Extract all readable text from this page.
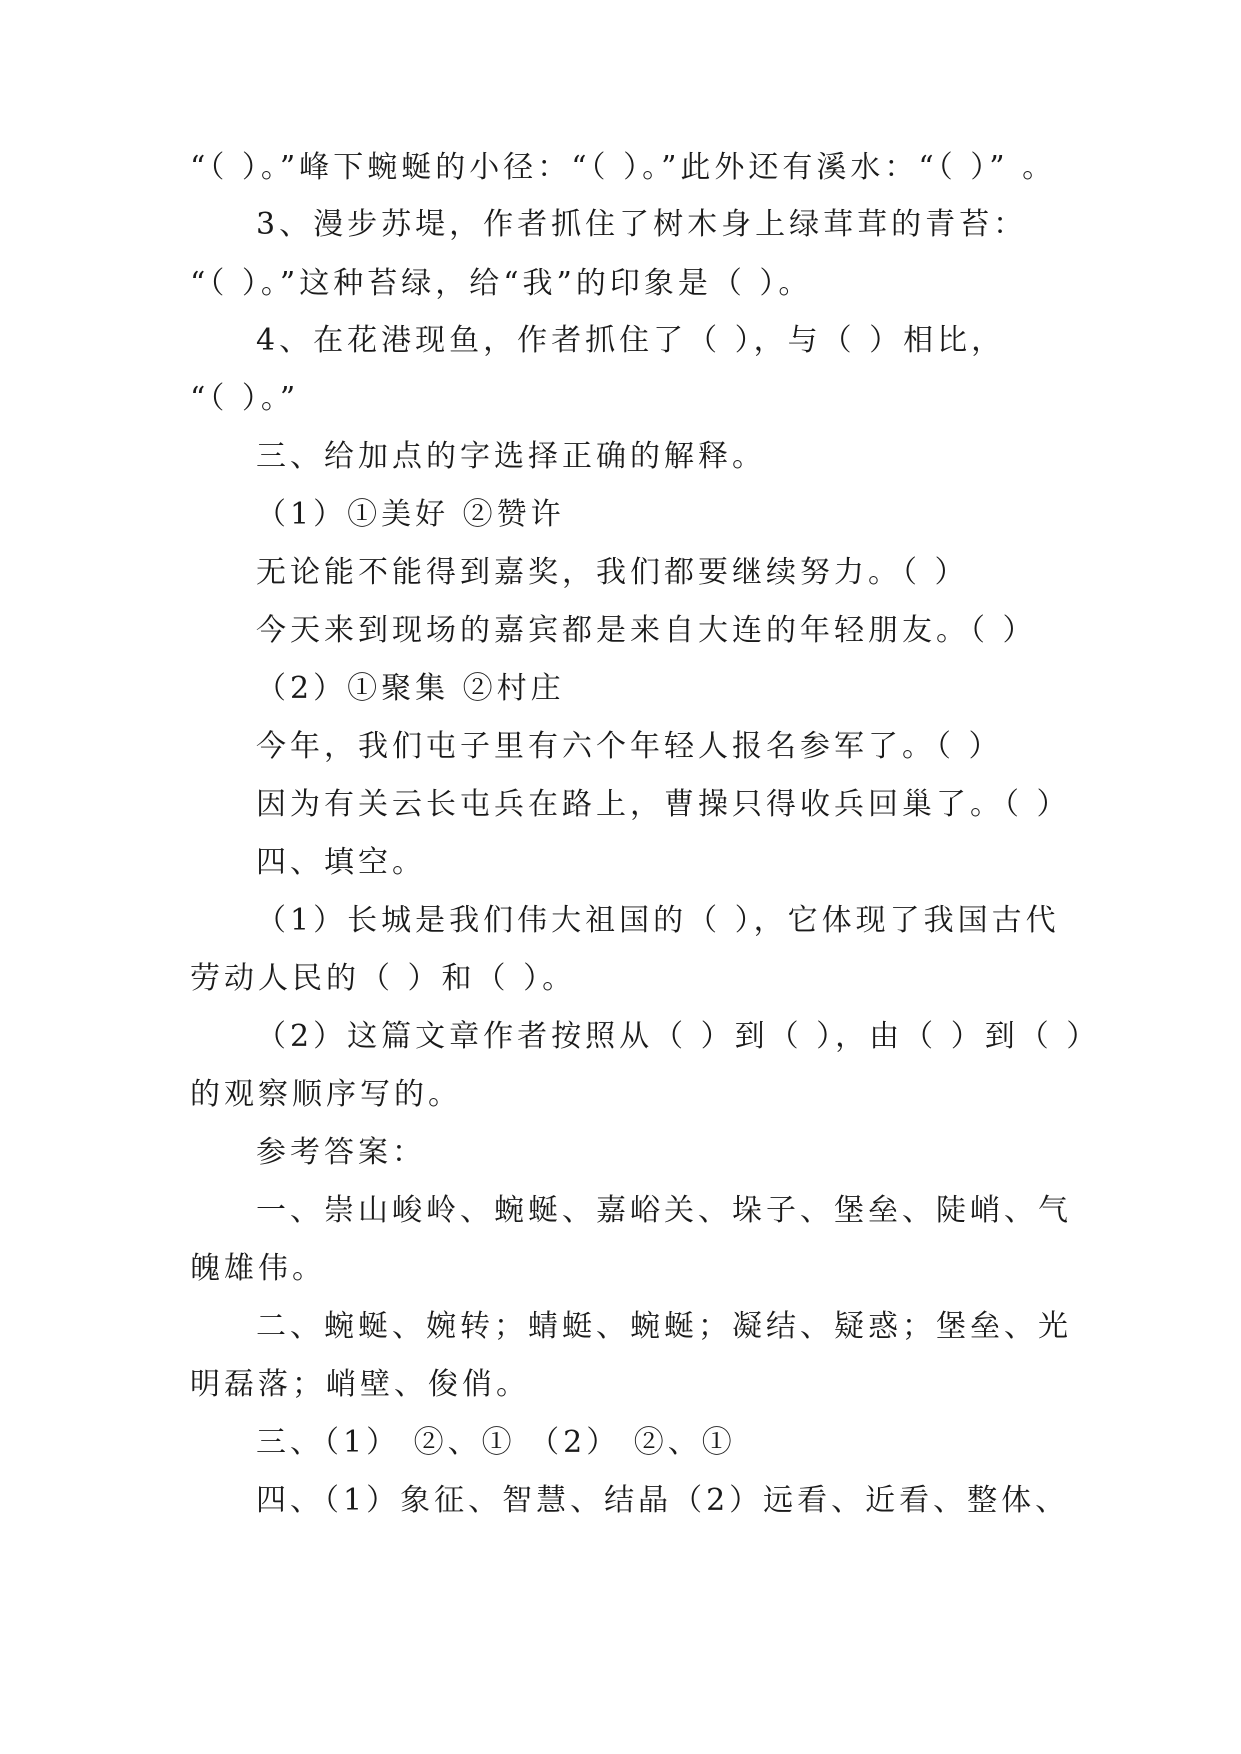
“（ ）。”峰下蜿蜒的小径：“（ ）。”此外还有溪水：“（ ）” 。
3、漫步苏堤，作者抓住了树木身上绿茸茸的青苔：
“（ ）。”这种苔绿，给“我”的印象是（ ）。
4、在花港现鱼，作者抓住了（ ），与（ ）相比，
“（ ）。”
三、给加点的字选择正确的解释。
（1）①美好 ②赞许
无论能不能得到嘉奖，我们都要继续努力。（ ）
今天来到现场的嘉宾都是来自大连的年轻朋友。（ ）
（2）①聚集 ②村庄
今年，我们屯子里有六个年轻人报名参军了。（ ）
因为有关云长屯兵在路上，曹操只得收兵回巢了。（ ）
四、填空。
（1）长城是我们伟大祖国的（ ），它体现了我国古代
劳动人民的（ ）和（ ）。
（2）这篇文章作者按照从（ ）到（ ），由（ ）到（ ）
的观察顺序写的。
参考答案：
一、崇山峻岭、蜿蜒、嘉峪关、垛子、堡垒、陡峭、气
魄雄伟。
二、蜿蜒、婉转；蜻蜓、蜿蜒；凝结、疑惑；堡垒、光
明磊落；峭壁、俊俏。
三、（1） ②、① （2） ②、①
四、（1）象征、智慧、结晶（2）远看、近看、整体、
